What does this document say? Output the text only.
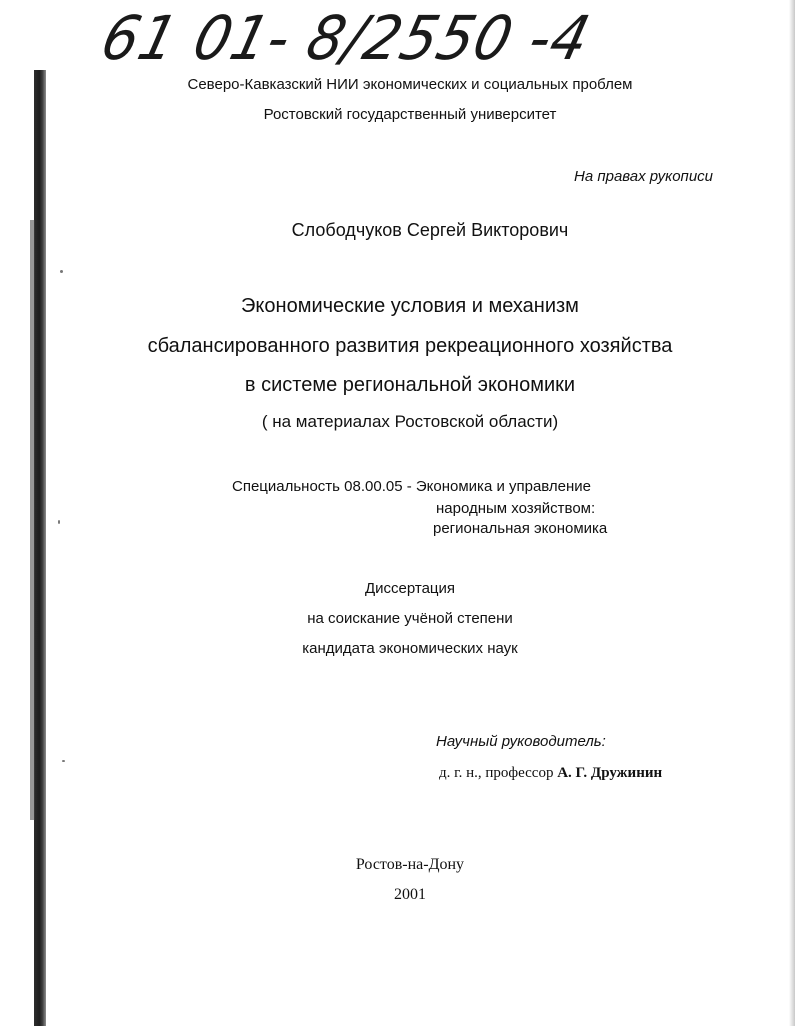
61 01- 8/2550 -4
Северо-Кавказский НИИ экономических и социальных проблем
Ростовский государственный университет
На правах рукописи
Слободчуков Сергей Викторович
Экономические условия и механизм
сбалансированного развития рекреационного хозяйства
в системе региональной экономики
( на материалах Ростовской области)
Специальность 08.00.05 - Экономика и управление
народным хозяйством:
региональная экономика
Диссертация
на соискание учёной степени
кандидата экономических наук
Научный руководитель:
д. г. н., профессор А. Г. Дружинин
Ростов-на-Дону
2001
